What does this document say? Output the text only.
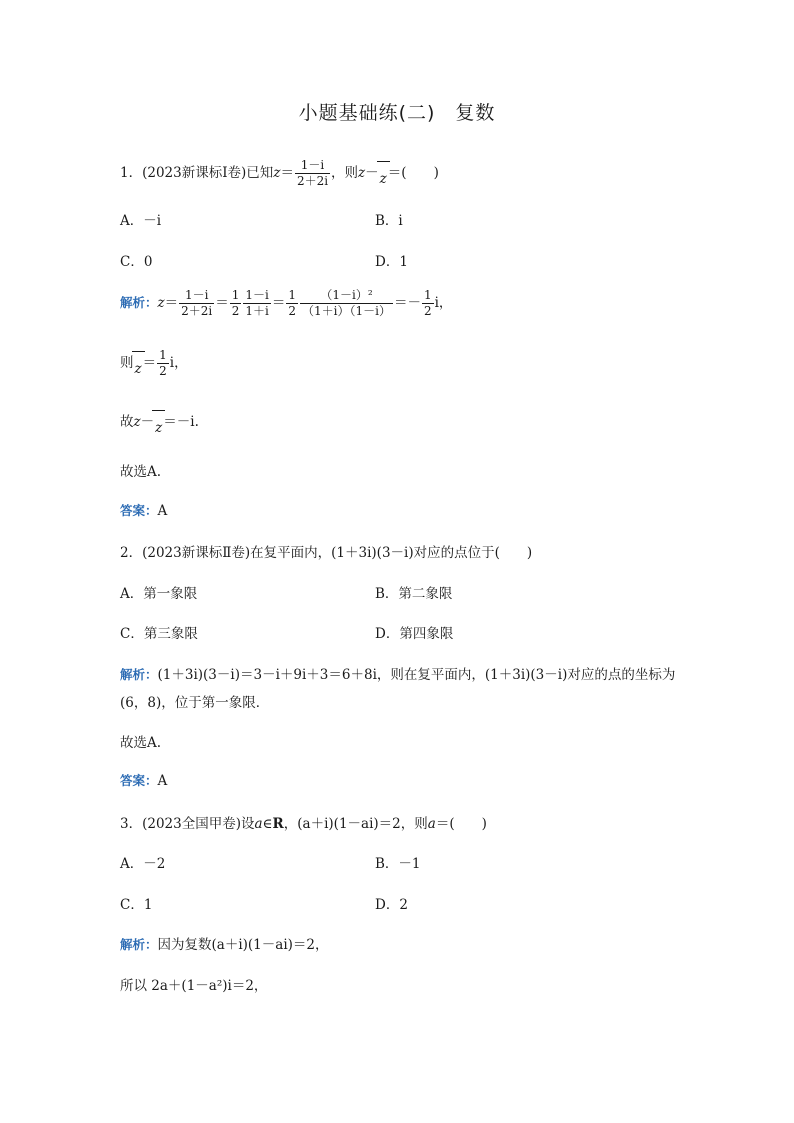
小题基础练(二)　复数
1．(2023新课标Ⅰ卷)已知$z= \frac{1-i}{2+2i}$ ，则z－z＝(　　)
A．－i	B．i
C．0	D．1
解析：$z= \frac{1-i}{2+2i} = \frac{1}{2} \frac{1-i}{1+i} = \frac{1}{2} \frac{\text{（1－i）²}}{(1+i)(1-i)} =- \frac{1}{2}$ i，
则$z= \frac{1}{2}$ i，
故z－z＝－i.
故选A.
答案：A
2．(2023新课标Ⅱ卷)在复平面内，(1＋3i)(3－i)对应的点位于(　　)
A．第一象限	B．第二象限
C．第三象限	D．第四象限
解析：(1＋3i)(3－i)＝3－i＋9i＋3＝6＋8i，则在复平面内，(1＋3i)(3－i)对应的点的坐标为
(6，8)，位于第一象限．
故选A.
答案：A
3．(2023全国甲卷)设a∈R，(a＋i)(1－ai)＝2，则a＝(　　)
A．－2	B．－1
C．1	D．2
解析：因为复数(a＋i)(1－ai)＝2，
所以 2a＋(1－a²)i＝2，
